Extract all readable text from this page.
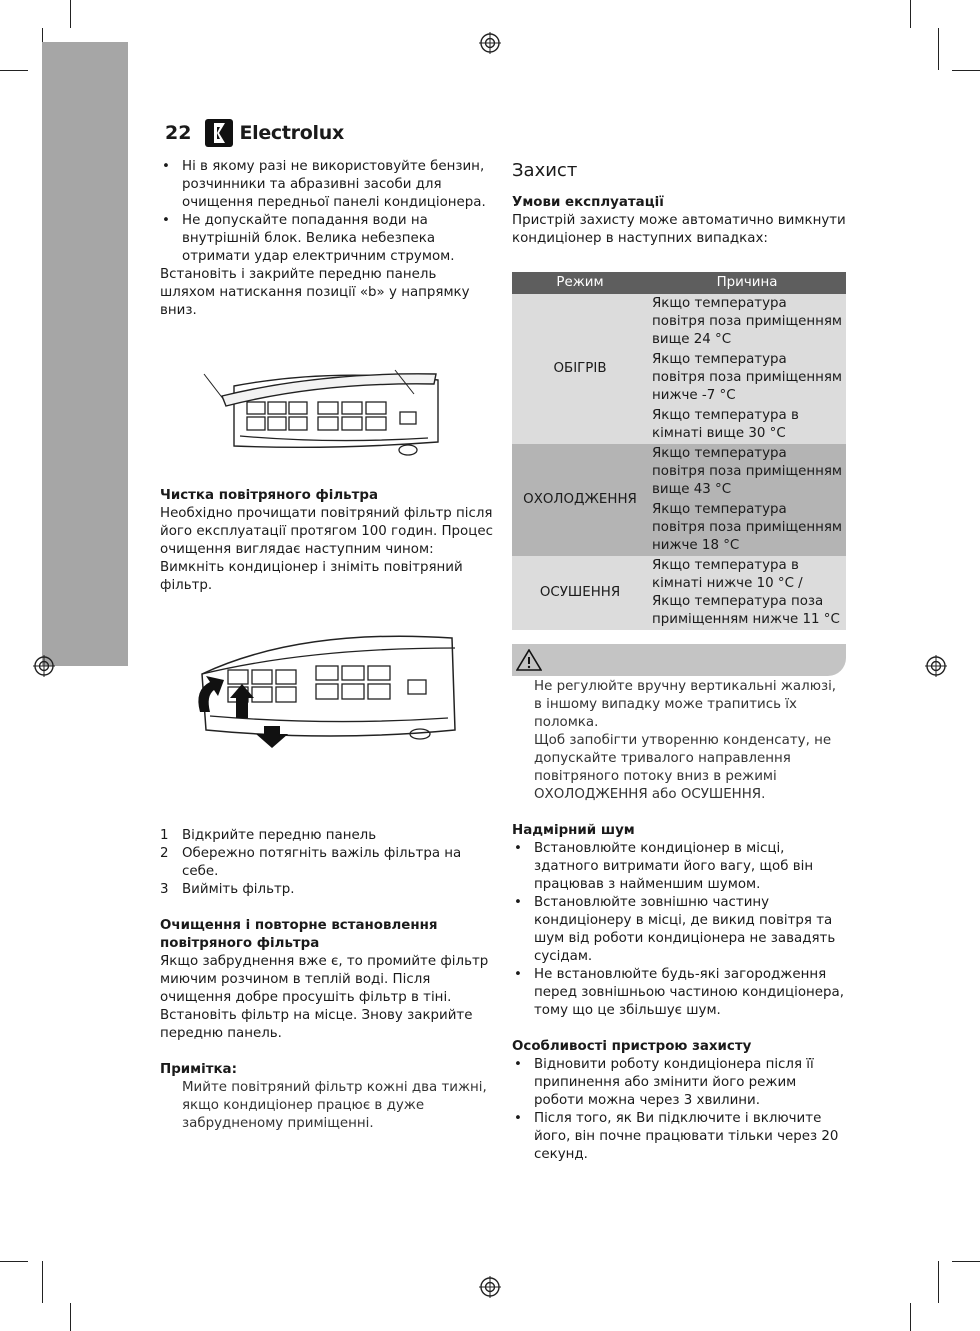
22	Electrolux
• Ні в якому разі не використовуйте бензин, розчинники та абразивні засоби для очищення передньої панелі кондиціонера.
• Не допускайте попадання води на внутрішній блок. Велика небезпека отримати удар електричним струмом.

Встановіть і закрийте передню панель шляхом натискання позиції «b» у напрямку вниз.

Чистка повітряного фільтра

Необхідно прочищати повітряний фільтр після його експлуатації протягом 100 годин. Процес очищення виглядає наступним чином: Вимкніть кондиціонер і зніміть повітряний фільтр.

1 Відкрийте передню панель
2 Обережно потягніть важіль фільтра на себе.
3 Вийміть фільтр.

Очищення і повторне встановлення повітряного фільтра

Якщо забруднення вже є, то промийте фільтр миючим розчином в теплій воді. Після очищення добре просушіть фільтр в тіні. Встановіть фільтр на місце. Знову закрийте передню панель.

Примітка:

Мийте повітряний фільтр кожні два тижні, якщо кондиціонер працює в дуже забрудненому приміщенні.

Захист

Умови експлуатації

Пристрій захисту може автоматично вимкнути кондиціонер в наступних випадках:

Режим	Причина
ОБІГРІВ	Якщо температура повітря поза приміщенням вище 24 °C
Якщо температура повітря поза приміщенням нижче -7 °C
Якщо температура в кімнаті вище 30 °C

ОХОЛОДЖЕННЯ	Якщо температура повітря поза приміщенням вище 43 °C
Якщо температура повітря поза приміщенням нижче 18 °C

ОСУШЕННЯ	Якщо температура в кімнаті нижче 10 °C / Якщо температура поза приміщенням нижче 11 °C

Не регулюйте вручну вертикальні жалюзі, в іншому випадку може трапитись їх поломка.

Щоб запобігти утворенню конденсату, не допускайте тривалого направлення повітряного потоку вниз в режимі ОХОЛОДЖЕННЯ або ОСУШЕННЯ.

Надмірний шум

• Встановлюйте кондиціонер в місці, здатного витримати його вагу, щоб він працював з найменшим шумом.
• Встановлюйте зовнішню частину кондиціонеру в місці, де викид повітря та шум від роботи кондиціонера не завадять сусідам.
• Не встановлюйте будь-які загородження перед зовнішньою частиною кондиціонера, тому що це збільшує шум.

Особливості пристрою захисту

• Відновити роботу кондиціонера після її припинення або змінити його режим роботи можна через 3 хвилини.
• Після того, як Ви підключите і включите його, він почне працювати тільки через 20 секунд.
